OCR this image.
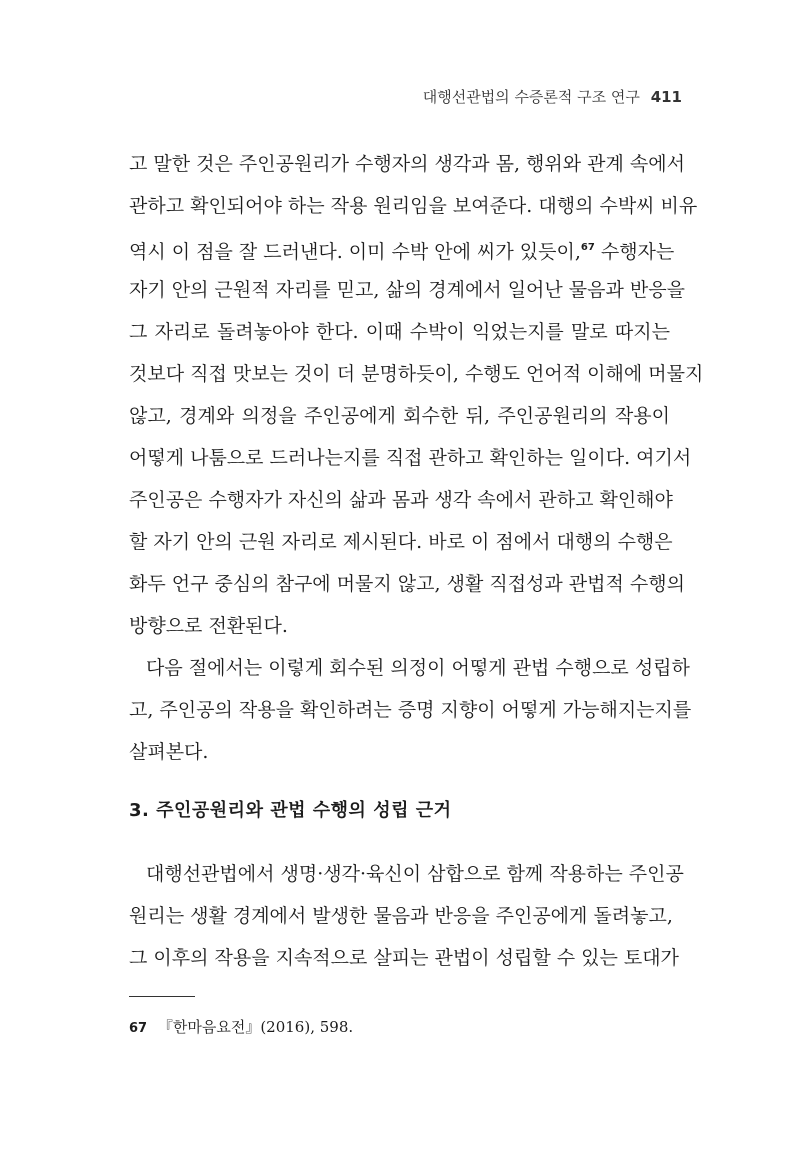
대행선관법의 수증론적 구조 연구 411
고 말한 것은 주인공원리가 수행자의 생각과 몸, 행위와 관계 속에서
관하고 확인되어야 하는 작용 원리임을 보여준다. 대행의 수박씨 비유
역시 이 점을 잘 드러낸다. 이미 수박 안에 씨가 있듯이,$^{67}$ 수행자는
자기 안의 근원적 자리를 믿고, 삶의 경계에서 일어난 물음과 반응을
그 자리로 돌려놓아야 한다. 이때 수박이 익었는지를 말로 따지는
것보다 직접 맛보는 것이 더 분명하듯이, 수행도 언어적 이해에 머물지
않고, 경계와 의정을 주인공에게 회수한 뒤, 주인공원리의 작용이
어떻게 나툼으로 드러나는지를 직접 관하고 확인하는 일이다. 여기서
주인공은 수행자가 자신의 삶과 몸과 생각 속에서 관하고 확인해야
할 자기 안의 근원 자리로 제시된다. 바로 이 점에서 대행의 수행은
화두 언구 중심의 참구에 머물지 않고, 생활 직접성과 관법적 수행의
방향으로 전환된다.
다음 절에서는 이렇게 회수된 의정이 어떻게 관법 수행으로 성립하
고, 주인공의 작용을 확인하려는 증명 지향이 어떻게 가능해지는지를
살펴본다.
3. 주인공원리와 관법 수행의 성립 근거
대행선관법에서 생명·생각·육신이 삼합으로 함께 작용하는 주인공
원리는 생활 경계에서 발생한 물음과 반응을 주인공에게 돌려놓고,
그 이후의 작용을 지속적으로 살피는 관법이 성립할 수 있는 토대가
67 『한마음요전』(2016), 598.
